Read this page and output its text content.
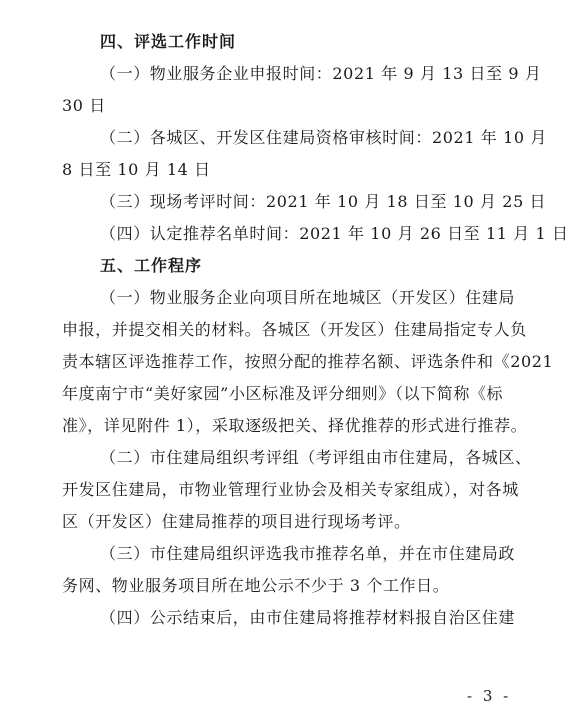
四、评选工作时间
（一）物业服务企业申报时间：2021 年 9 月 13 日至 9 月
30 日
（二）各城区、开发区住建局资格审核时间：2021 年 10 月
8 日至 10 月 14 日
（三）现场考评时间：2021 年 10 月 18 日至 10 月 25 日
（四）认定推荐名单时间：2021 年 10 月 26 日至 11 月 1 日
五、工作程序
（一）物业服务企业向项目所在地城区（开发区）住建局
申报，并提交相关的材料。各城区（开发区）住建局指定专人负
责本辖区评选推荐工作，按照分配的推荐名额、评选条件和《2021
年度南宁市“美好家园”小区标准及评分细则》（以下简称《标
准》，详见附件 1），采取逐级把关、择优推荐的形式进行推荐。
（二）市住建局组织考评组（考评组由市住建局，各城区、
开发区住建局，市物业管理行业协会及相关专家组成），对各城
区（开发区）住建局推荐的项目进行现场考评。
（三）市住建局组织评选我市推荐名单，并在市住建局政
务网、物业服务项目所在地公示不少于 3 个工作日。
（四）公示结束后，由市住建局将推荐材料报自治区住建
- 3 -
